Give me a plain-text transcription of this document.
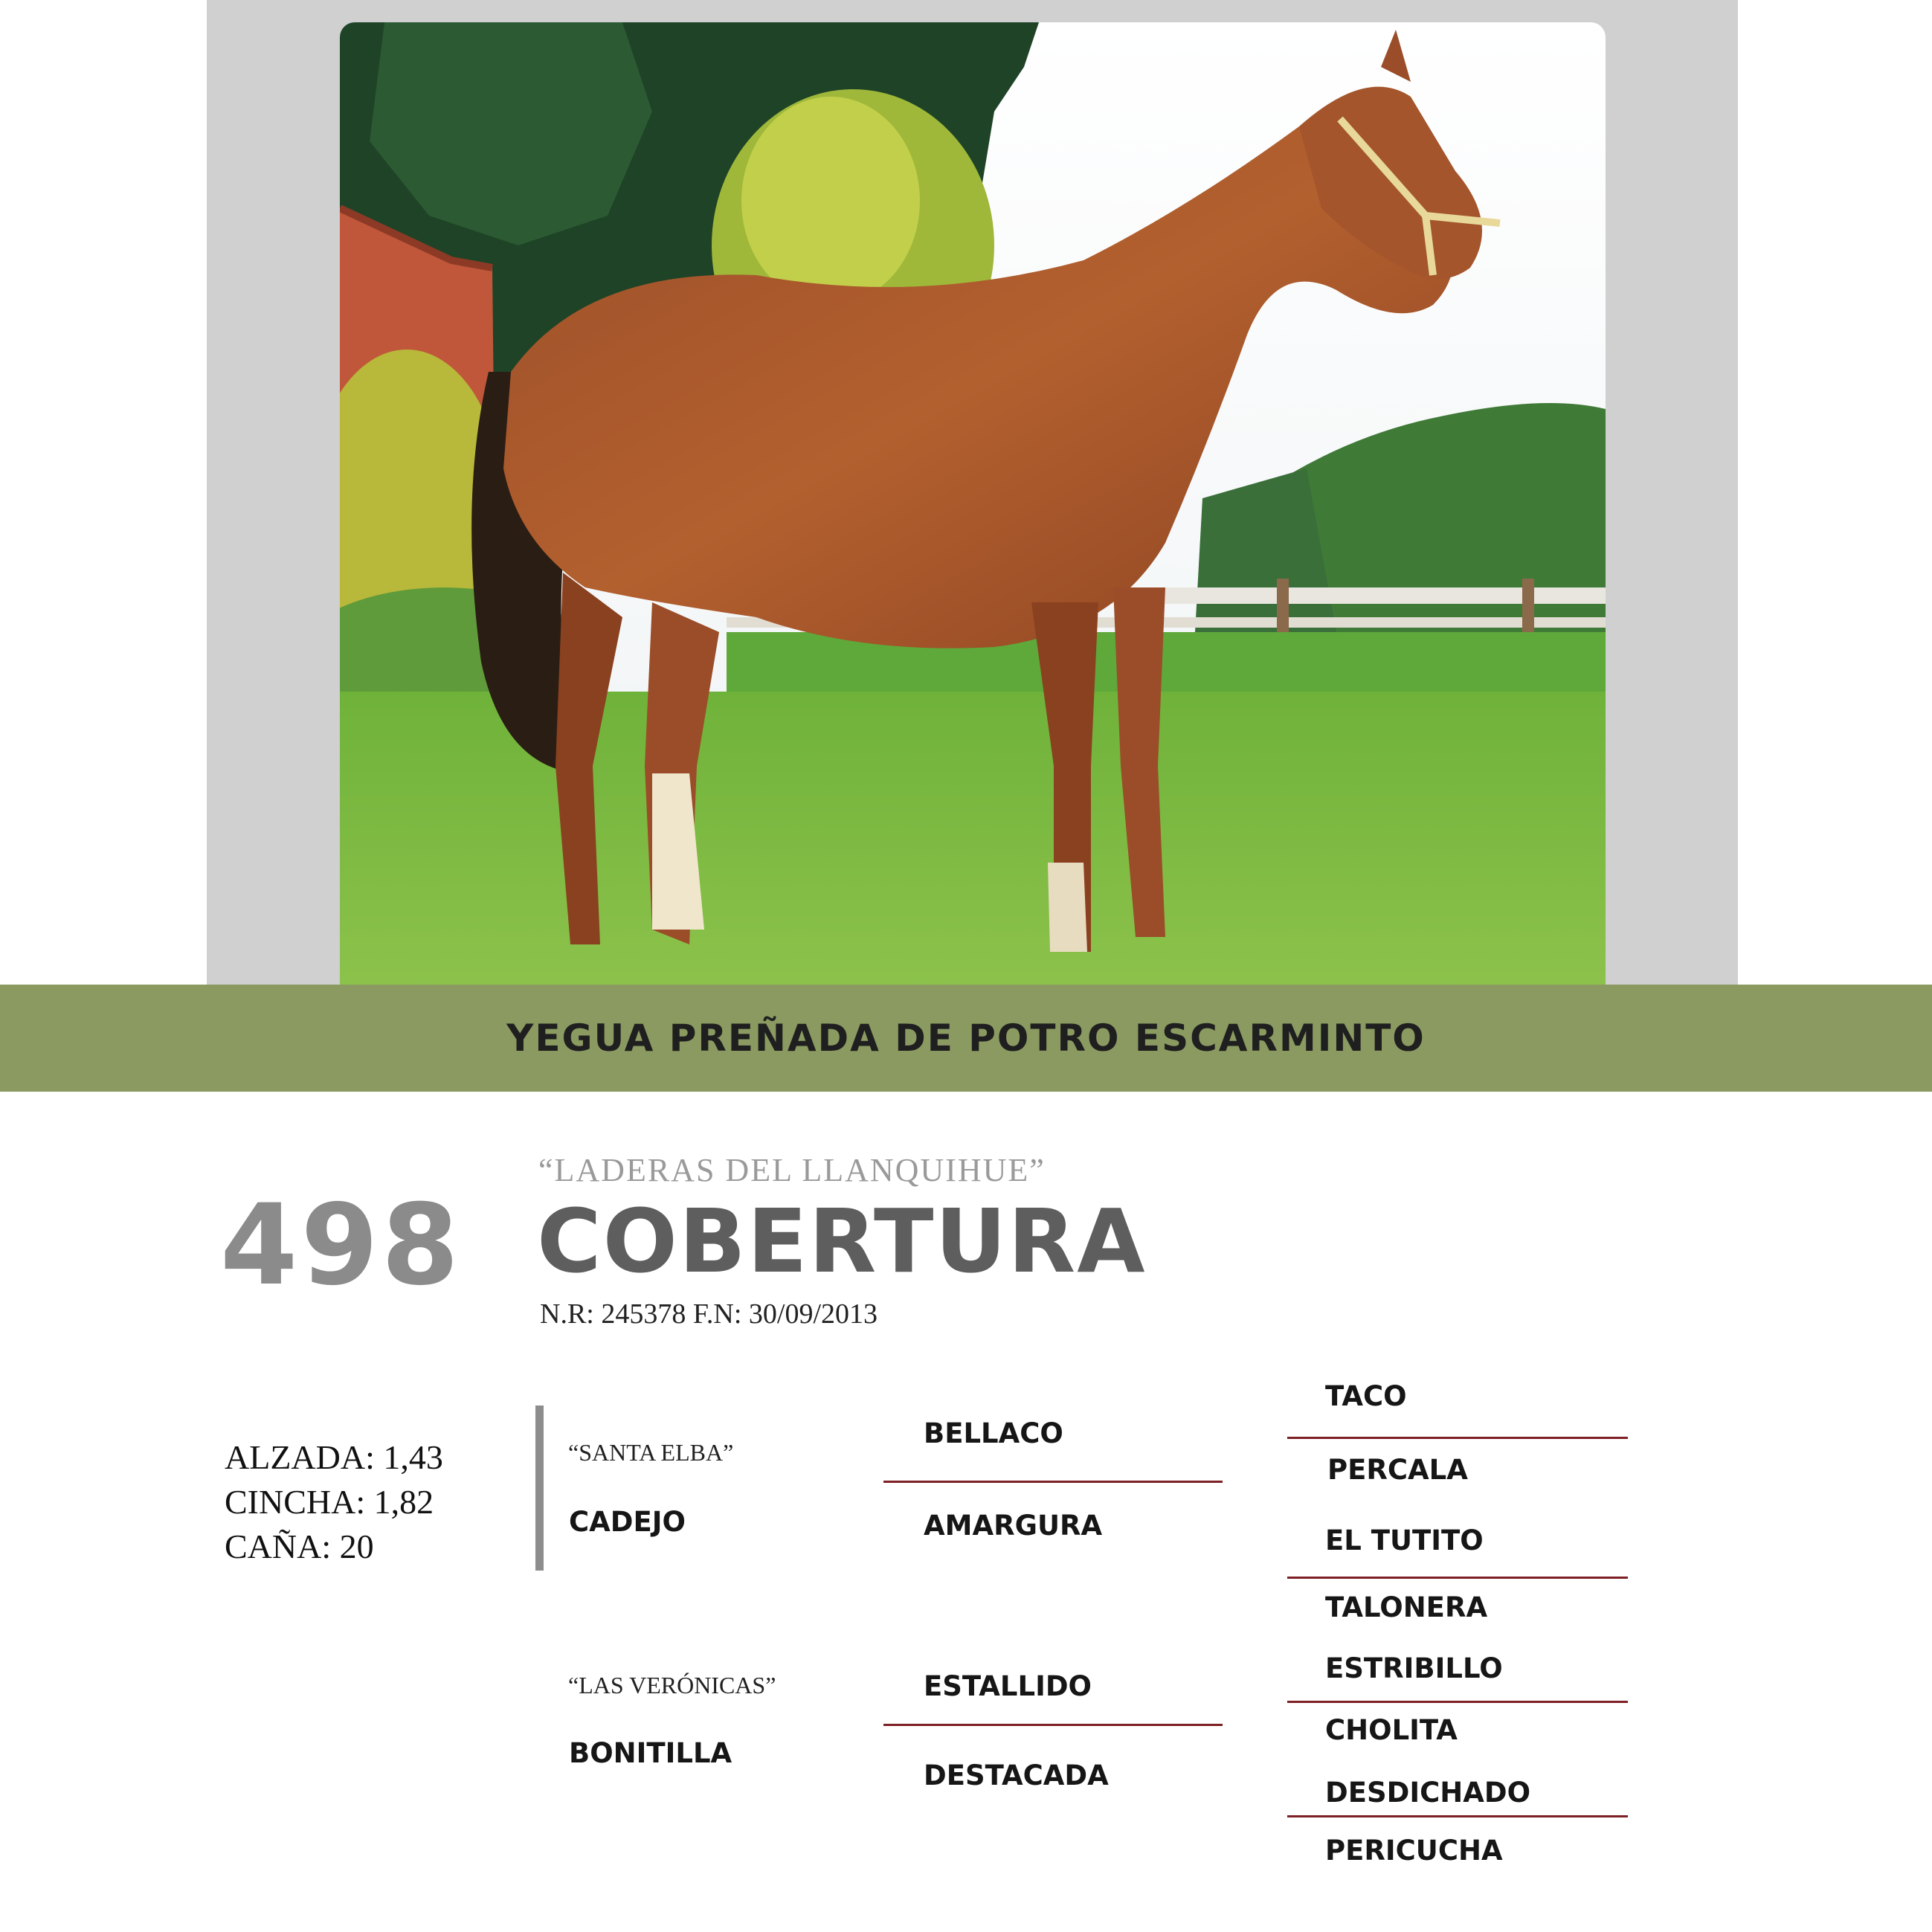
YEGUA PREÑADA DE POTRO ESCARMINTO
498
“LADERAS DEL LLANQUIHUE”
COBERTURA
N.R: 245378 F.N: 30/09/2013
ALZADA: 1,43
CINCHA: 1,82
CAÑA: 20
“SANTA ELBA”
CADEJO
“LAS VERÓNICAS”
BONITILLA
BELLACO
AMARGURA
ESTALLIDO
DESTACADA
TACO
PERCALA
EL TUTITO
TALONERA
ESTRIBILLO
CHOLITA
DESDICHADO
PERICUCHA
